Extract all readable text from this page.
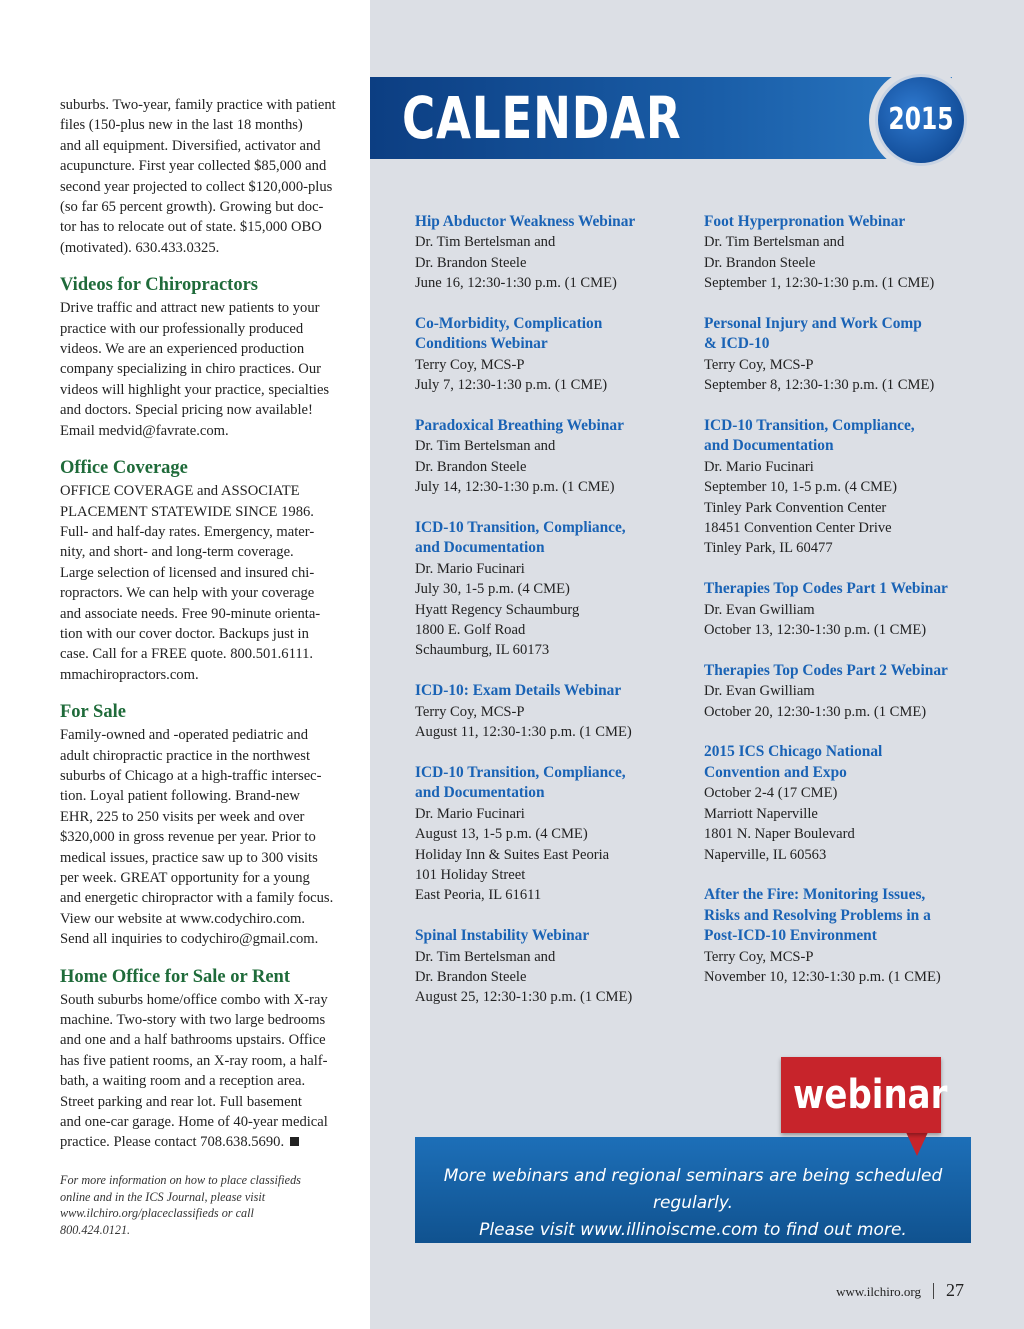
suburbs. Two-year, family practice with patient
files (150-plus new in the last 18 months)
and all equipment. Diversified, activator and
acupuncture. First year collected $85,000 and
second year projected to collect $120,000-plus
(so far 65 percent growth). Growing but doc-
tor has to relocate out of state. $15,000 OBO
(motivated). 630.433.0325.

Videos for Chiropractors

Drive traffic and attract new patients to your
practice with our professionally produced
videos. We are an experienced production
company specializing in chiro practices. Our
videos will highlight your practice, specialties
and doctors. Special pricing now available!
Email medvid@favrate.com.

Office Coverage

OFFICE COVERAGE and ASSOCIATE
PLACEMENT STATEWIDE SINCE 1986.
Full- and half-day rates. Emergency, mater-
nity, and short- and long-term coverage.
Large selection of licensed and insured chi-
ropractors. We can help with your coverage
and associate needs. Free 90-minute orienta-
tion with our cover doctor. Backups just in
case. Call for a FREE quote. 800.501.6111.
mmachiropractors.com.

For Sale

Family-owned and -operated pediatric and
adult chiropractic practice in the northwest
suburbs of Chicago at a high-traffic intersec-
tion. Loyal patient following. Brand-new
EHR, 225 to 250 visits per week and over
$320,000 in gross revenue per year. Prior to
medical issues, practice saw up to 300 visits
per week. GREAT opportunity for a young
and energetic chiropractor with a family focus.
View our website at www.codychiro.com.
Send all inquiries to codychiro@gmail.com.

Home Office for Sale or Rent

South suburbs home/office combo with X-ray
machine. Two-story with two large bedrooms
and one and a half bathrooms upstairs. Office
has five patient rooms, an X-ray room, a half-
bath, a waiting room and a reception area.
Street parking and rear lot. Full basement
and one-car garage. Home of 40-year medical
practice. Please contact 708.638.5690.

For more information on how to place classifieds
online and in the ICS Journal, please visit
www.ilchiro.org/placeclassifieds or call
800.424.0121.
CALENDAR	2015
Hip Abductor Weakness Webinar
Dr. Tim Bertelsman and
Dr. Brandon Steele
June 16, 12:30-1:30 p.m. (1 CME)
Co-Morbidity, Complication
Conditions Webinar
Terry Coy, MCS-P
July 7, 12:30-1:30 p.m. (1 CME)
Paradoxical Breathing Webinar
Dr. Tim Bertelsman and
Dr. Brandon Steele
July 14, 12:30-1:30 p.m. (1 CME)
ICD-10 Transition, Compliance,
and Documentation
Dr. Mario Fucinari
July 30, 1-5 p.m. (4 CME)
Hyatt Regency Schaumburg
1800 E. Golf Road
Schaumburg, IL 60173
ICD-10: Exam Details Webinar
Terry Coy, MCS-P
August 11, 12:30-1:30 p.m. (1 CME)
ICD-10 Transition, Compliance,
and Documentation
Dr. Mario Fucinari
August 13, 1-5 p.m. (4 CME)
Holiday Inn & Suites East Peoria
101 Holiday Street
East Peoria, IL 61611
Spinal Instability Webinar
Dr. Tim Bertelsman and
Dr. Brandon Steele
August 25, 12:30-1:30 p.m. (1 CME)
Foot Hyperpronation Webinar
Dr. Tim Bertelsman and
Dr. Brandon Steele
September 1, 12:30-1:30 p.m. (1 CME)
Personal Injury and Work Comp
& ICD-10
Terry Coy, MCS-P
September 8, 12:30-1:30 p.m. (1 CME)
ICD-10 Transition, Compliance,
and Documentation
Dr. Mario Fucinari
September 10, 1-5 p.m. (4 CME)
Tinley Park Convention Center
18451 Convention Center Drive
Tinley Park, IL 60477
Therapies Top Codes Part 1 Webinar
Dr. Evan Gwilliam
October 13, 12:30-1:30 p.m. (1 CME)
Therapies Top Codes Part 2 Webinar
Dr. Evan Gwilliam
October 20, 12:30-1:30 p.m. (1 CME)
2015 ICS Chicago National
Convention and Expo
October 2-4 (17 CME)
Marriott Naperville
1801 N. Naper Boulevard
Naperville, IL 60563
After the Fire: Monitoring Issues,
Risks and Resolving Problems in a
Post-ICD-10 Environment
Terry Coy, MCS-P
November 10, 12:30-1:30 p.m. (1 CME)
webinar
More webinars and regional seminars are being scheduled regularly.
Please visit www.illinoiscme.com to find out more.
www.ilchiro.org 27
